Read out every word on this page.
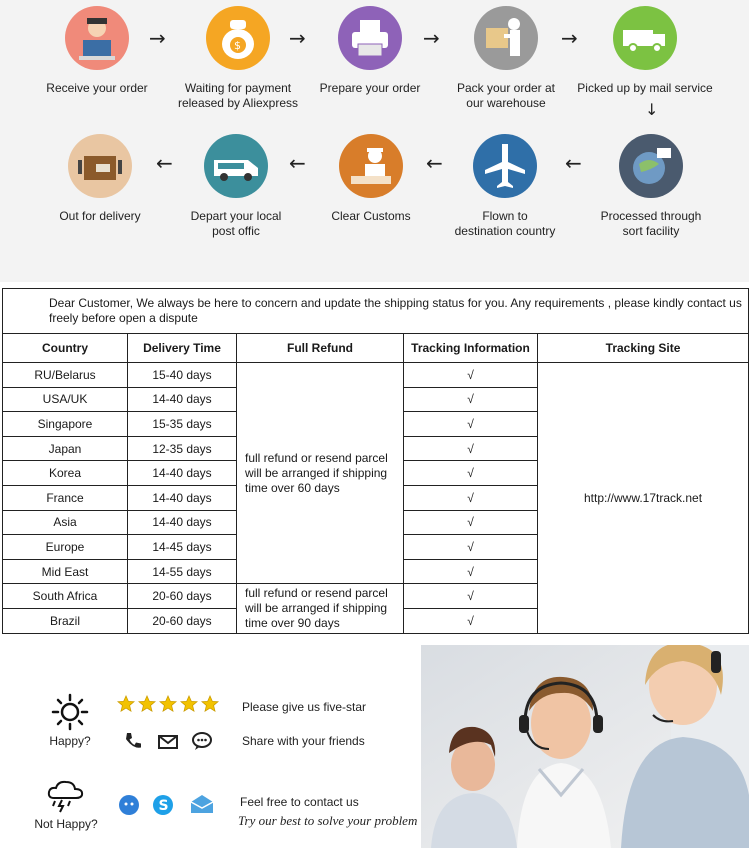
Receive your order
→	$
Waiting for payment
released by Aliexpress
→
Prepare your order
→
Pack your order at
our warehouse
→
Picked up by mail service
↓
Processed through
sort facility
←
Flown to
destination country
←
Clear Customs
←
Depart your local
post offic
←
Out for delivery
Dear Customer, We always be here to concern and update the shipping status for you. Any requirements , please kindly contact us freely before open a dispute				
Country	Delivery Time	Full Refund	Tracking Information	Tracking Site
RU/Belarus	15-40 days	full refund or resend parcel will be arranged if shipping time over 60 days	√	http://www.17track.net
USA/UK	14-40 days		√	
Singapore	15-35 days		√	
Japan	12-35 days		√	
Korea	14-40 days		√	
France	14-40 days		√	
Asia	14-40 days		√	
Europe	14-45 days		√	
Mid East	14-55 days		√	
South Africa	20-60 days	full refund or resend parcel will be arranged if shipping time over 90 days	√	
Brazil	20-60 days		√	
Happy?
Please give us five-star
Share with your friends
Not Happy?
S	Feel free to contact us
Try our best to solve your problem
